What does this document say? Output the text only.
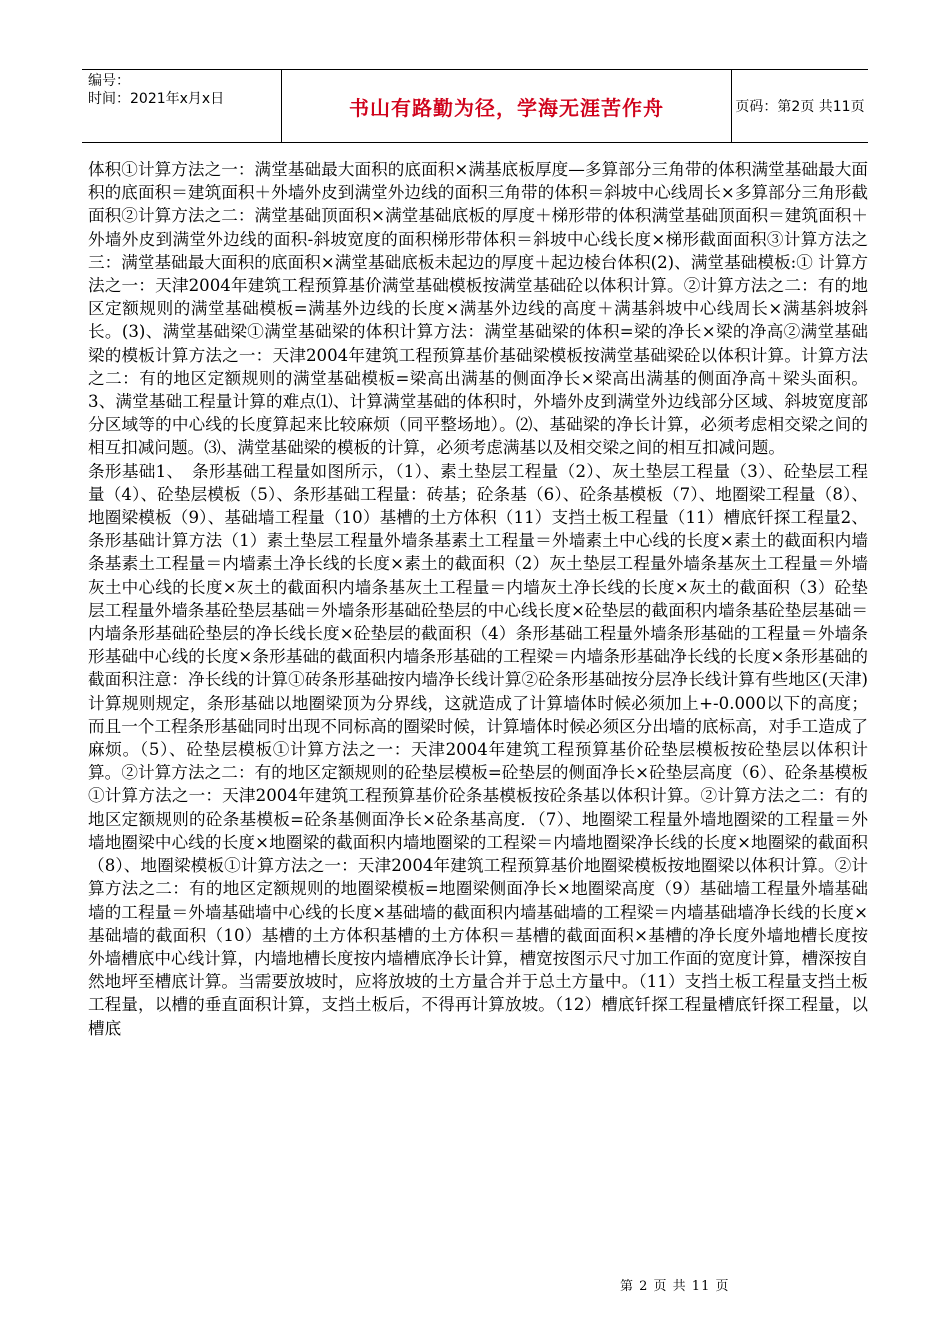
编号：
时间：2021年x月x日	书山有路勤为径，学海无涯苦作舟	页码：第2页 共11页

体积①计算方法之一：满堂基础最大面积的底面积×满基底板厚度—多算部分三角带的体积满堂基础最大面积的底面积＝建筑面积＋外墙外皮到满堂外边线的面积三角带的体积＝斜坡中心线周长×多算部分三角形截面积②计算方法之二：满堂基础顶面积×满堂基础底板的厚度＋梯形带的体积满堂基础顶面积＝建筑面积＋外墙外皮到满堂外边线的面积-斜坡宽度的面积梯形带体积＝斜坡中心线长度×梯形截面面积③计算方法之三：满堂基础最大面积的底面积×满堂基础底板未起边的厚度＋起边棱台体积(2)、满堂基础模板:① 计算方法之一：天津2004年建筑工程预算基价满堂基础模板按满堂基础砼以体积计算。②计算方法之二：有的地区定额规则的满堂基础模板=满基外边线的长度×满基外边线的高度＋满基斜坡中心线周长×满基斜坡斜长。(3)、满堂基础梁①满堂基础梁的体积计算方法：满堂基础梁的体积=梁的净长×梁的净高②满堂基础梁的模板计算方法之一：天津2004年建筑工程预算基价基础梁模板按满堂基础梁砼以体积计算。计算方法之二：有的地区定额规则的满堂基础模板=梁高出满基的侧面净长×梁高出满基的侧面净高＋梁头面积。3、满堂基础工程量计算的难点⑴、计算满堂基础的体积时，外墙外皮到满堂外边线部分区域、斜坡宽度部分区域等的中心线的长度算起来比较麻烦（同平整场地）。⑵、基础梁的净长计算，必须考虑相交梁之间的相互扣减问题。⑶、满堂基础梁的模板的计算，必须考虑满基以及相交梁之间的相互扣减问题。

条形基础1、　条形基础工程量如图所示，（1）、素土垫层工程量（2）、灰土垫层工程量（3）、砼垫层工程量（4）、砼垫层模板（5）、条形基础工程量：砖基；砼条基（6）、砼条基模板（7）、地圈梁工程量（8）、地圈梁模板（9）、基础墙工程量（10）基槽的土方体积（11）支挡土板工程量（11）槽底钎探工程量2、条形基础计算方法（1）素土垫层工程量外墙条基素土工程量＝外墙素土中心线的长度×素土的截面积内墙条基素土工程量＝内墙素土净长线的长度×素土的截面积（2）灰土垫层工程量外墙条基灰土工程量＝外墙灰土中心线的长度×灰土的截面积内墙条基灰土工程量＝内墙灰土净长线的长度×灰土的截面积（3）砼垫层工程量外墙条基砼垫层基础＝外墙条形基础砼垫层的中心线长度×砼垫层的截面积内墙条基砼垫层基础＝内墙条形基础砼垫层的净长线长度×砼垫层的截面积（4）条形基础工程量外墙条形基础的工程量＝外墙条形基础中心线的长度×条形基础的截面积内墙条形基础的工程梁＝内墙条形基础净长线的长度×条形基础的截面积注意：净长线的计算①砖条形基础按内墙净长线计算②砼条形基础按分层净长线计算有些地区(天津)计算规则规定，条形基础以地圈梁顶为分界线，这就造成了计算墙体时候必须加上+-0.000以下的高度；而且一个工程条形基础同时出现不同标高的圈梁时候，计算墙体时候必须区分出墙的底标高，对手工造成了麻烦。（5）、砼垫层模板①计算方法之一：天津2004年建筑工程预算基价砼垫层模板按砼垫层以体积计算。②计算方法之二：有的地区定额规则的砼垫层模板=砼垫层的侧面净长×砼垫层高度（6）、砼条基模板①计算方法之一：天津2004年建筑工程预算基价砼条基模板按砼条基以体积计算。②计算方法之二：有的地区定额规则的砼条基模板=砼条基侧面净长×砼条基高度．（7）、地圈梁工程量外墙地圈梁的工程量＝外墙地圈梁中心线的长度×地圈梁的截面积内墙地圈梁的工程梁＝内墙地圈梁净长线的长度×地圈梁的截面积（8）、地圈梁模板①计算方法之一：天津2004年建筑工程预算基价地圈梁模板按地圈梁以体积计算。②计算方法之二：有的地区定额规则的地圈梁模板=地圈梁侧面净长×地圈梁高度（9）基础墙工程量外墙基础墙的工程量＝外墙基础墙中心线的长度×基础墙的截面积内墙基础墙的工程梁＝内墙基础墙净长线的长度×基础墙的截面积（10）基槽的土方体积基槽的土方体积＝基槽的截面面积×基槽的净长度外墙地槽长度按外墙槽底中心线计算，内墙地槽长度按内墙槽底净长计算，槽宽按图示尺寸加工作面的宽度计算，槽深按自然地坪至槽底计算。当需要放坡时，应将放坡的土方量合并于总土方量中。（11）支挡土板工程量支挡土板工程量，以槽的垂直面积计算，支挡土板后，不得再计算放坡。（12）槽底钎探工程量槽底钎探工程量，以槽底

第 2 页 共 11 页
